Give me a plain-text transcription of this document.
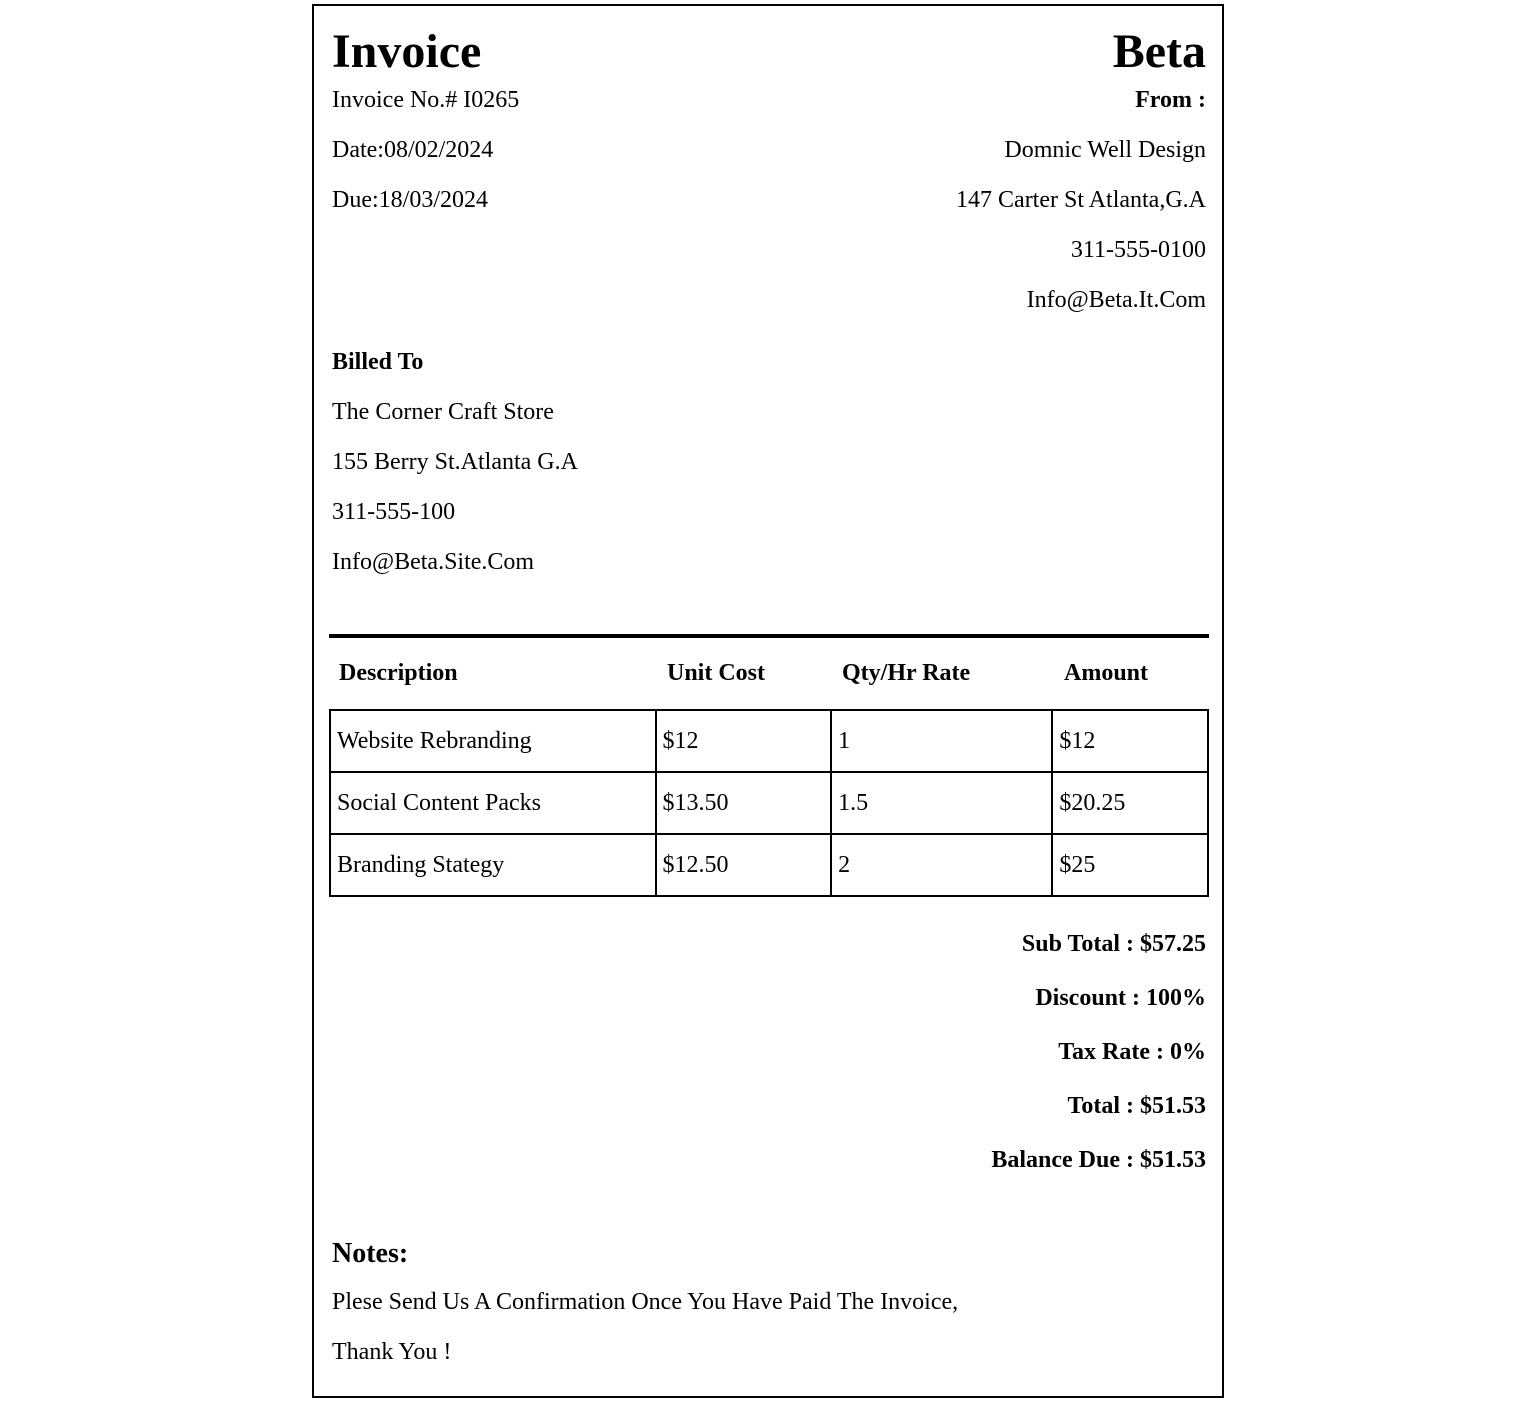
Invoice
Invoice No.# I0265
Date:08/02/2024
Due:18/03/2024
Beta
From :
Domnic Well Design
147 Carter St Atlanta,G.A
311-555-0100
Info@Beta.It.Com
Billed To
The Corner Craft Store
155 Berry St.Atlanta G.A
311-555-100
Info@Beta.Site.Com
Description	Unit Cost	Qty/Hr Rate	Amount
Website Rebranding	$12	1	$12
Social Content Packs	$13.50	1.5	$20.25
Branding Stategy	$12.50	2	$25
Sub Total : $57.25
Discount : 100%
Tax Rate : 0%
Total : $51.53
Balance Due : $51.53
Notes:
Plese Send Us A Confirmation Once You Have Paid The Invoice,
Thank You !
